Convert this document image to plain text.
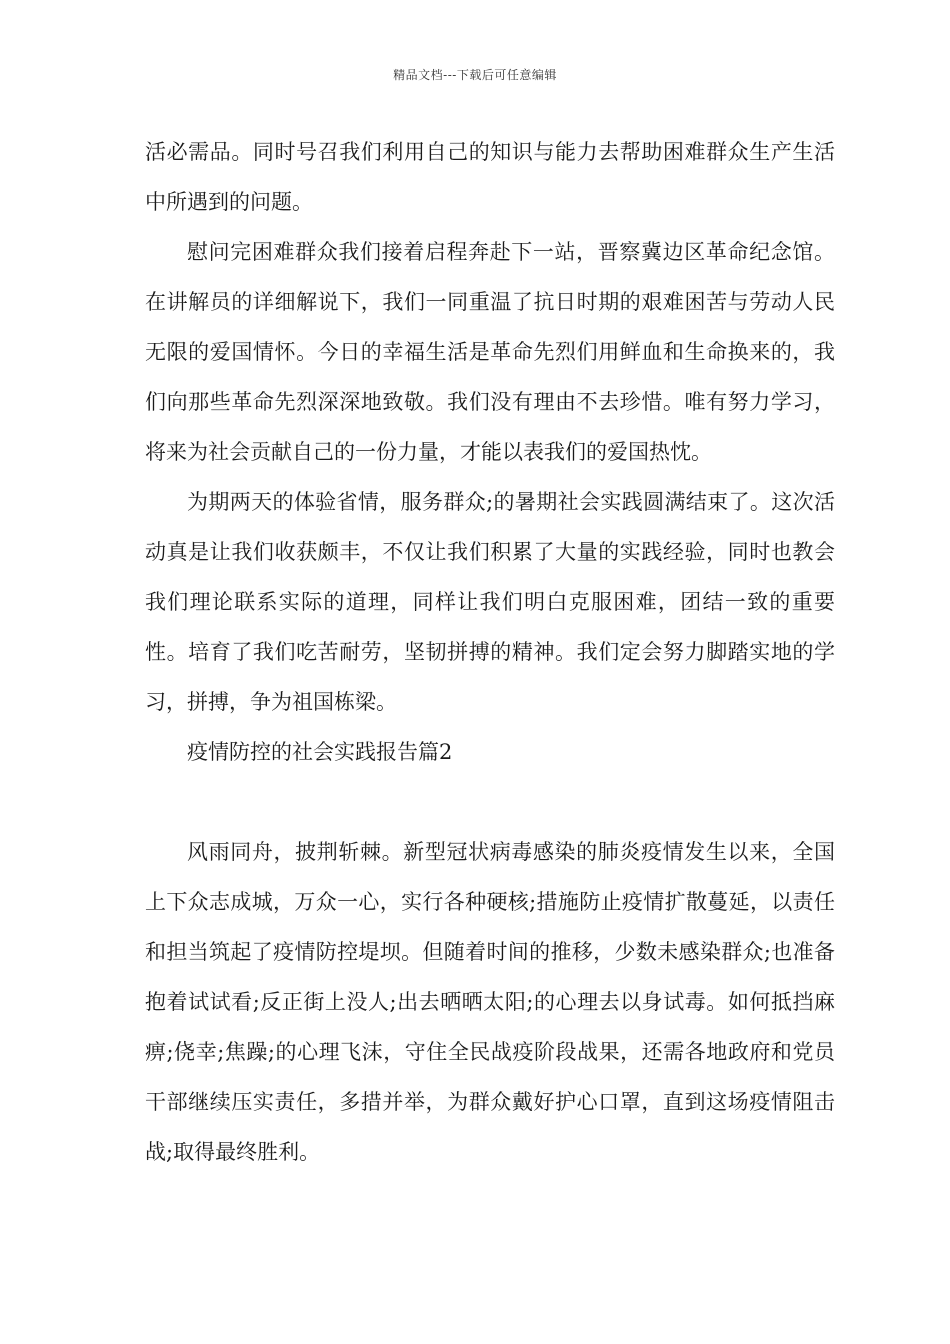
精品文档---下载后可任意编辑

活必需品。同时号召我们利用自己的知识与能力去帮助困难群众生产生活中所遇到的问题。

慰问完困难群众我们接着启程奔赴下一站，晋察冀边区革命纪念馆。在讲解员的详细解说下，我们一同重温了抗日时期的艰难困苦与劳动人民无限的爱国情怀。今日的幸福生活是革命先烈们用鲜血和生命换来的，我们向那些革命先烈深深地致敬。我们没有理由不去珍惜。唯有努力学习，将来为社会贡献自己的一份力量，才能以表我们的爱国热忱。

为期两天的体验省情，服务群众;的暑期社会实践圆满结束了。这次活动真是让我们收获颇丰，不仅让我们积累了大量的实践经验，同时也教会我们理论联系实际的道理，同样让我们明白克服困难，团结一致的重要性。培育了我们吃苦耐劳，坚韧拼搏的精神。我们定会努力脚踏实地的学习，拼搏，争为祖国栋梁。

疫情防控的社会实践报告篇2

风雨同舟，披荆斩棘。新型冠状病毒感染的肺炎疫情发生以来，全国上下众志成城，万众一心，实行各种硬核;措施防止疫情扩散蔓延，以责任和担当筑起了疫情防控堤坝。但随着时间的推移，少数未感染群众;也准备抱着试试看;反正街上没人;出去晒晒太阳;的心理去以身试毒。如何抵挡麻痹;侥幸;焦躁;的心理飞沫，守住全民战疫阶段战果，还需各地政府和党员干部继续压实责任，多措并举，为群众戴好护心口罩，直到这场疫情阻击战;取得最终胜利。
